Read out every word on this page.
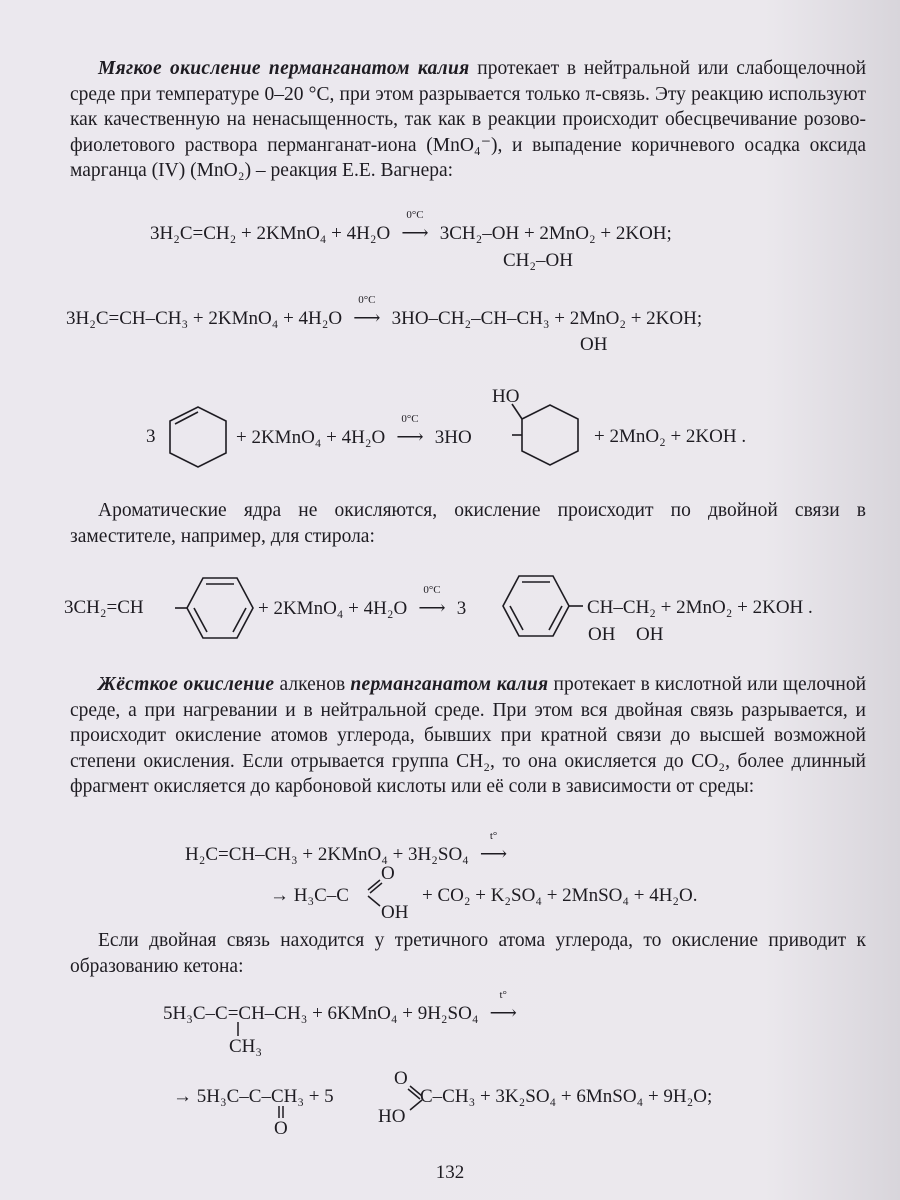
Мягкое окисление перманганатом калия протекает в нейтральной или слабощелочной среде при температуре 0–20 °С, при этом разрывается только π-связь. Эту реакцию используют как качественную на ненасыщенность, так как в реакции происходит обесцвечивание розово-фиолетового раствора перманганат-иона (MnO₄⁻), и выпадение коричневого осадка оксида марганца (IV) (MnO₂) – реакция Е.Е. Вагнера:
3H₂C=CH₂ + 2KMnO₄ + 4H₂O
0°С
⟶ 3CH₂–OH + 2MnO₂ + 2KOH;
CH₂–OH
3H₂C=CH–CH₃ + 2KMnO₄ + 4H₂O
0°С
⟶ 3HO–CH₂–CH–CH₃ + 2MnO₂ + 2KOH;
OH
3	+ 2KMnO₄ + 4H₂O
0°С
⟶ 3HO
HO
+ 2MnO₂ + 2KOH .
Ароматические ядра не окисляются, окисление происходит по двойной связи в заместителе, например, для стирола:
3CH₂=CH	+ 2KMnO₄ + 4H₂O
0°С
⟶ 3	CH–CH₂ + 2MnO₂ + 2KOH .
OH OH
Жёсткое окисление алкенов перманганатом калия протекает в кислотной или щелочной среде, а при нагревании и в нейтральной среде. При этом вся двойная связь разрывается, и происходит окисление атомов углерода, бывших при кратной связи до высшей возможной степени окисления. Если отрывается группа CH₂, то она окисляется до CO₂, более длинный фрагмент окисляется до карбоновой кислоты или её соли в зависимости от среды:
H₂C=CH–CH₃ + 2KMnO₄ + 3H₂SO₄
t°
⟶
→ H₃C–C
O
OH
+ CO₂ + K₂SO₄ + 2MnSO₄ + 4H₂O.
Если двойная связь находится у третичного атома углерода, то окисление приводит к образованию кетона:
5H₃C–C=CH–CH₃ + 6KMnO₄ + 9H₂SO₄
t°
⟶
CH₃
→ 5H₃C–C–CH₃ + 5
O
O
HO
C–CH₃ + 3K₂SO₄ + 6MnSO₄ + 9H₂O;
132
